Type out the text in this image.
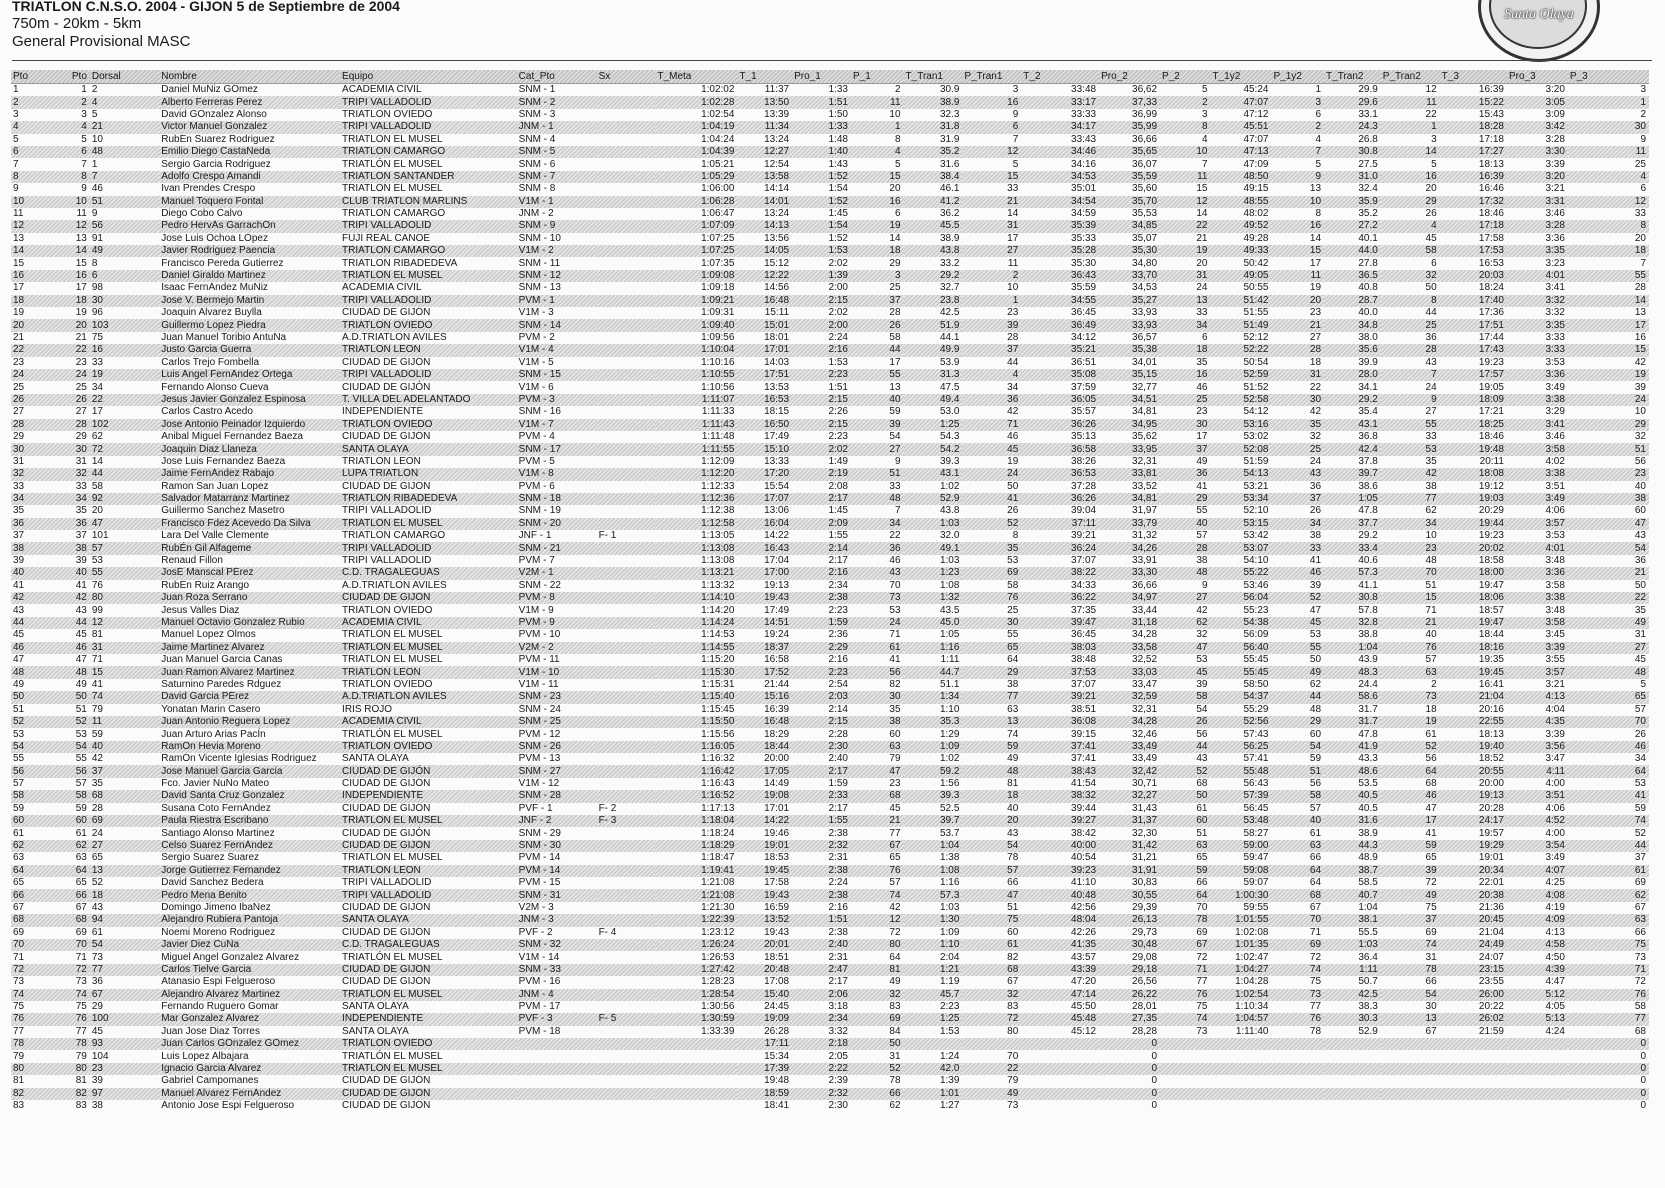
TRIATLON C.N.S.O. 2004 - GIJON 5 de Septiembre de 2004
750m - 20km - 5km
General Provisional MASC
Santa Olaya
Pto	Pto	Dorsal	Nombre	Equipo	Cat_Pto	Sx	T_Meta	T_1	Pro_1	P_1	T_Tran1	P_Tran1	T_2	Pro_2	P_2	T_1y2	P_1y2	T_Tran2	P_Tran2	T_3	Pro_3	P_3
1	1	2	Daniel MuÑiz GÓmez	ACADEMIA CIVIL	SNM - 1		1:02:02	11:37	1:33	2	30.9	3	33:48	36,62	5	45:24	1	29.9	12	16:39	3:20	3
2	2	4	Alberto Ferreras Perez	TRIPI VALLADOLID	SNM - 2		1:02:28	13:50	1:51	11	38.9	16	33:17	37,33	2	47:07	3	29.6	11	15:22	3:05	1
3	3	5	David GÓnzalez Alonso	TRIATLON OVIEDO	SNM - 3		1:02:54	13:39	1:50	10	32.3	9	33:33	36,99	3	47:12	6	33.1	22	15:43	3:09	2
4	4	21	Victor Manuel Gonzalez	TRIPI VALLADOLID	JNM - 1		1:04:19	11:34	1:33	1	31.8	6	34:17	35,99	8	45:51	2	24.3	1	18:28	3:42	30
5	5	10	RubÉn Suarez Rodriguez	TRIATLÓN EL MUSEL	SNM - 4		1:04:24	13:24	1:48	8	31.9	7	33:43	36,66	4	47:07	4	26.8	3	17:18	3:28	9
6	6	48	Emilio Diego CastaÑeda	TRIATLON CAMARGO	SNM - 5		1:04:39	12:27	1:40	4	35.2	12	34:46	35,65	10	47:13	7	30.8	14	17:27	3:30	11
7	7	1	Sergio Garcia Rodriguez	TRIATLÓN EL MUSEL	SNM - 6		1:05:21	12:54	1:43	5	31.6	5	34:16	36,07	7	47:09	5	27.5	5	18:13	3:39	25
8	8	7	Adolfo Crespo Amandi	TRIATLON SANTANDER	SNM - 7		1:05:29	13:58	1:52	15	38.4	15	34:53	35,59	11	48:50	9	31.0	16	16:39	3:20	4
9	9	46	Ivan Prendes Crespo	TRIATLÓN EL MUSEL	SNM - 8		1:06:00	14:14	1:54	20	46.1	33	35:01	35,60	15	49:15	13	32.4	20	16:46	3:21	6
10	10	51	Manuel Toquero Fontal	CLUB TRIATLON MARLINS	V1M - 1		1:06:28	14:01	1:52	16	41.2	21	34:54	35,70	12	48:55	10	35.9	29	17:32	3:31	12
11	11	9	Diego Cobo Calvo	TRIATLON CAMARGO	JNM - 2		1:06:47	13:24	1:45	6	36.2	14	34:59	35,53	14	48:02	8	35.2	26	18:46	3:46	33
12	12	56	Pedro HervÁs GarrachÓn	TRIPI VALLADOLID	SNM - 9		1:07:09	14:13	1:54	19	45.5	31	35:39	34,85	22	49:52	16	27.2	4	17:18	3:28	8
13	13	91	Jose Luis Ochoa LÓpez	FUJI REAL CANOE	SNM - 10		1:07:25	13:56	1:52	14	38.9	17	35:33	35,07	21	49:28	14	40.1	45	17:58	3:36	20
14	14	49	Javier Rodriguez Paencia	TRIATLON CAMARGO	V1M - 2		1:07:25	14:05	1:53	18	43.8	27	35:28	35,30	19	49:33	15	44.0	58	17:53	3:35	18
15	15	8	Francisco Pereda Gutierrez	TRIATLON RIBADEDEVA	SNM - 11		1:07:35	15:12	2:02	29	33.2	11	35:30	34,80	20	50:42	17	27.8	6	16:53	3:23	7
16	16	6	Daniel Giraldo Martinez	TRIATLÓN EL MUSEL	SNM - 12		1:09:08	12:22	1:39	3	29.2	2	36:43	33,70	31	49:05	11	36.5	32	20:03	4:01	55
17	17	98	Isaac FernÁndez MuÑiz	ACADEMIA CIVIL	SNM - 13		1:09:18	14:56	2:00	25	32.7	10	35:59	34,53	24	50:55	19	40.8	50	18:24	3:41	28
18	18	30	Jose V. Bermejo Martin	TRIPI VALLADOLID	PVM - 1		1:09:21	16:48	2:15	37	23.8	1	34:55	35,27	13	51:42	20	28.7	8	17:40	3:32	14
19	19	96	Joaquin Alvarez Buylla	CIUDAD DE GIJÓN	V1M - 3		1:09:31	15:11	2:02	28	42.5	23	36:45	33,93	33	51:55	23	40.0	44	17:36	3:32	13
20	20	103	Guillermo Lopez Piedra	TRIATLON OVIEDO	SNM - 14		1:09:40	15:01	2:00	26	51.9	39	36:49	33,93	34	51:49	21	34.8	25	17:51	3:35	17
21	21	75	Juan Manuel Toribio AntuÑa	A.D.TRIATLON AVILES	PVM - 2		1:09:56	18:01	2:24	58	44.1	28	34:12	36,57	6	52:12	27	38.0	36	17:44	3:33	16
22	22	16	Justo Garcia Guerra	TRIATLON LEON	V1M - 4		1:10:04	17:01	2:16	44	49.9	37	35:21	35,38	18	52:22	28	35.6	28	17:43	3:33	15
23	23	33	Carlos Trejo Fombella	CIUDAD DE GIJÓN	V1M - 5		1:10:16	14:03	1:53	17	53.9	44	36:51	34,01	35	50:54	18	39.9	43	19:23	3:53	42
24	24	19	Luis Angel FernÁndez Ortega	TRIPI VALLADOLID	SNM - 15		1:10:55	17:51	2:23	55	31.3	4	35:08	35,15	16	52:59	31	28.0	7	17:57	3:36	19
25	25	34	Fernando Alonso Cueva	CIUDAD DE GIJÓN	V1M - 6		1:10:56	13:53	1:51	13	47.5	34	37:59	32,77	46	51:52	22	34.1	24	19:05	3:49	39
26	26	22	Jesus Javier Gonzalez Espinosa	T. VILLA DEL ADELANTADO	PVM - 3		1:11:07	16:53	2:15	40	49.4	36	36:05	34,51	25	52:58	30	29.2	9	18:09	3:38	24
27	27	17	Carlos Castro Acedo	INDEPENDIENTE	SNM - 16		1:11:33	18:15	2:26	59	53.0	42	35:57	34,81	23	54:12	42	35.4	27	17:21	3:29	10
28	28	102	Jose Antonio Peinador Izquierdo	TRIATLON OVIEDO	V1M - 7		1:11:43	16:50	2:15	39	1:25	71	36:26	34,95	30	53:16	35	43.1	55	18:25	3:41	29
29	29	62	Anibal Miguel Fernandez Baeza	CIUDAD DE GIJÓN	PVM - 4		1:11:48	17:49	2:23	54	54.3	46	35:13	35,62	17	53:02	32	36.8	33	18:46	3:46	32
30	30	72	Joaquin Diaz Llaneza	SANTA OLAYA	SNM - 17		1:11:55	15:10	2:02	27	54.2	45	36:58	33,95	37	52:08	25	42.4	53	19:48	3:58	51
31	31	14	Jose Luis Fernandez Baeza	TRIATLON LEON	PVM - 5		1:12:09	13:33	1:49	9	39.3	19	38:26	32,31	49	51:59	24	37.8	35	20:11	4:02	56
32	32	44	Jaime FernÁndez Rabajo	LUPA TRIATLÓN	V1M - 8		1:12:20	17:20	2:19	51	43.1	24	36:53	33,81	36	54:13	43	39.7	42	18:08	3:38	23
33	33	58	Ramon San Juan Lopez	CIUDAD DE GIJÓN	PVM - 6		1:12:33	15:54	2:08	33	1:02	50	37:28	33,52	41	53:21	36	38.6	38	19:12	3:51	40
34	34	92	Salvador Matarranz Martinez	TRIATLON RIBADEDEVA	SNM - 18		1:12:36	17:07	2:17	48	52.9	41	36:26	34,81	29	53:34	37	1:05	77	19:03	3:49	38
35	35	20	Guillermo Sanchez Masetro	TRIPI VALLADOLID	SNM - 19		1:12:38	13:06	1:45	7	43.8	26	39:04	31,97	55	52:10	26	47.8	62	20:29	4:06	60
36	36	47	Francisco Fdez Acevedo Da Silva	TRIATLÓN EL MUSEL	SNM - 20		1:12:58	16:04	2:09	34	1:03	52	37:11	33,79	40	53:15	34	37.7	34	19:44	3:57	47
37	37	101	Lara Del Valle Clemente	TRIATLON CAMARGO	JNF - 1	F- 1	1:13:05	14:22	1:55	22	32.0	8	39:21	31,32	57	53:42	38	29.2	10	19:23	3:53	43
38	38	57	RubÉn Gil Alfageme	TRIPI VALLADOLID	SNM - 21		1:13:08	16:43	2:14	36	49.1	35	36:24	34,26	28	53:07	33	33.4	23	20:02	4:01	54
39	39	53	Renaud Fillon	TRIPI VALLADOLID	PVM - 7		1:13:08	17:04	2:17	46	1:03	53	37:07	33,91	38	54:10	41	40.6	48	18:58	3:48	36
40	40	55	JosÉ Manscal PÉrez	C.D. TRAGALEGUAS	V2M - 1		1:13:21	17:00	2:16	43	1:23	69	38:22	33,30	48	55:22	46	57.3	70	18:00	3:36	21
41	41	76	RubÉn Ruiz Arango	A.D.TRIATLON AVILES	SNM - 22		1:13:32	19:13	2:34	70	1:08	58	34:33	36,66	9	53:46	39	41.1	51	19:47	3:58	50
42	42	80	Juan Roza Serrano	CIUDAD DE GIJÓN	PVM - 8		1:14:10	19:43	2:38	73	1:32	76	36:22	34,97	27	56:04	52	30.8	15	18:06	3:38	22
43	43	99	Jesus Valles Diaz	TRIATLON OVIEDO	V1M - 9		1:14:20	17:49	2:23	53	43.5	25	37:35	33,44	42	55:23	47	57.8	71	18:57	3:48	35
44	44	12	Manuel Octavio Gonzalez Rubio	ACADEMIA CIVIL	PVM - 9		1:14:24	14:51	1:59	24	45.0	30	39:47	31,18	62	54:38	45	32.8	21	19:47	3:58	49
45	45	81	Manuel Lopez Olmos	TRIATLÓN EL MUSEL	PVM - 10		1:14:53	19:24	2:36	71	1:05	55	36:45	34,28	32	56:09	53	38.8	40	18:44	3:45	31
46	46	31	Jaime Martinez Alvarez	TRIATLÓN EL MUSEL	V2M - 2		1:14:55	18:37	2:29	61	1:16	65	38:03	33,58	47	56:40	55	1:04	76	18:16	3:39	27
47	47	71	Juan Manuel Garcia Canas	TRIATLÓN EL MUSEL	PVM - 11		1:15:20	16:58	2:16	41	1:11	64	38:48	32,52	53	55:45	50	43.9	57	19:35	3:55	45
48	48	15	Juan Ramon Alvarez Martinez	TRIATLON LEON	V1M - 10		1:15:30	17:52	2:23	56	44.7	29	37:53	33,03	45	55:45	49	48.3	63	19:45	3:57	48
49	49	41	Saturnino Paredes Rdguez	TRIATLON OVIEDO	V1M - 11		1:15:31	21:44	2:54	82	51.1	38	37:07	33,47	39	58:50	62	24.4	2	16:41	3:21	5
50	50	74	David Garcia PÉrez	A.D.TRIATLON AVILES	SNM - 23		1:15:40	15:16	2:03	30	1:34	77	39:21	32,59	58	54:37	44	58.6	73	21:04	4:13	65
51	51	79	Yonatan Marin Casero	IRIS ROJO	SNM - 24		1:15:45	16:39	2:14	35	1:10	63	38:51	32,31	54	55:29	48	31.7	18	20:16	4:04	57
52	52	11	Juan Antonio Reguera Lopez	ACADEMIA CIVIL	SNM - 25		1:15:50	16:48	2:15	38	35.3	13	36:08	34,28	26	52:56	29	31.7	19	22:55	4:35	70
53	53	59	Juan Arturo Arias PacÍn	TRIATLÓN EL MUSEL	PVM - 12		1:15:56	18:29	2:28	60	1:29	74	39:15	32,46	56	57:43	60	47.8	61	18:13	3:39	26
54	54	40	RamÓn Hevia Moreno	TRIATLON OVIEDO	SNM - 26		1:16:05	18:44	2:30	63	1:09	59	37:41	33,49	44	56:25	54	41.9	52	19:40	3:56	46
55	55	42	RamÓn Vicente Iglesias Rodriguez	SANTA OLAYA	PVM - 13		1:16:32	20:00	2:40	79	1:02	49	37:41	33,49	43	57:41	59	43.3	56	18:52	3:47	34
56	56	37	Jose Manuel Garcia Garcia	CIUDAD DE GIJÓN	SNM - 27		1:16:42	17:05	2:17	47	59.2	48	38:43	32,42	52	55:48	51	48.6	64	20:55	4:11	64
57	57	35	Fco. Javier NuÑo Mateo	CIUDAD DE GIJÓN	V1M - 12		1:16:43	14:49	1:59	23	1:56	81	41:54	30,71	68	56:43	56	53.5	68	20:00	4:00	53
58	58	68	David Santa Cruz Gonzalez	INDEPENDIENTE	SNM - 28		1:16:52	19:08	2:33	68	39.3	18	38:32	32,27	50	57:39	58	40.5	46	19:13	3:51	41
59	59	28	Susana Coto FernÁndez	CIUDAD DE GIJÓN	PVF - 1	F- 2	1:17:13	17:01	2:17	45	52.5	40	39:44	31,43	61	56:45	57	40.5	47	20:28	4:06	59
60	60	69	Paula Riestra Escribano	TRIATLÓN EL MUSEL	JNF - 2	F- 3	1:18:04	14:22	1:55	21	39.7	20	39:27	31,37	60	53:48	40	31.6	17	24:17	4:52	74
61	61	24	Santiago Alonso Martinez	CIUDAD DE GIJÓN	SNM - 29		1:18:24	19:46	2:38	77	53.7	43	38:42	32,30	51	58:27	61	38.9	41	19:57	4:00	52
62	62	27	Celso Suarez FernÁndez	CIUDAD DE GIJÓN	SNM - 30		1:18:29	19:01	2:32	67	1:04	54	40:00	31,42	63	59:00	63	44.3	59	19:29	3:54	44
63	63	65	Sergio Suarez Suarez	TRIATLÓN EL MUSEL	PVM - 14		1:18:47	18:53	2:31	65	1:38	78	40:54	31,21	65	59:47	66	48.9	65	19:01	3:49	37
64	64	13	Jorge Gutierrez Fernandez	TRIATLON LEON	PVM - 14		1:19:41	19:45	2:38	76	1:08	57	39:23	31,91	59	59:08	64	38.7	39	20:34	4:07	61
65	65	52	David Sanchez Bedera	TRIPI VALLADOLID	PVM - 15		1:21:08	17:58	2:24	57	1:16	66	41:10	30,83	66	59:07	64	58.5	72	22:01	4:25	69
66	66	18	Pedro Mena Benito	TRIPI VALLADOLID	SNM - 31		1:21:08	19:43	2:38	74	57.3	47	40:48	30,55	64	1:00:30	68	40.7	49	20:38	4:08	62
67	67	43	Domingo Jimeno IbaÑez	CIUDAD DE GIJÓN	V2M - 3		1:21:30	16:59	2:16	42	1:03	51	42:56	29,39	70	59:55	67	1:04	75	21:36	4:19	67
68	68	94	Alejandro Rubiera Pantoja	SANTA OLAYA	JNM - 3		1:22:39	13:52	1:51	12	1:30	75	48:04	26,13	78	1:01:55	70	38.1	37	20:45	4:09	63
69	69	61	Noemi Moreno Rodriguez	CIUDAD DE GIJÓN	PVF - 2	F- 4	1:23:12	19:43	2:38	72	1:09	60	42:26	29,73	69	1:02:08	71	55.5	69	21:04	4:13	66
70	70	54	Javier Diez CuÑa	C.D. TRAGALEGUAS	SNM - 32		1:26:24	20:01	2:40	80	1:10	61	41:35	30,48	67	1:01:35	69	1:03	74	24:49	4:58	75
71	71	73	Miguel Angel Gonzalez Alvarez	TRIATLÓN EL MUSEL	V1M - 14		1:26:53	18:51	2:31	64	2:04	82	43:57	29,08	72	1:02:47	72	36.4	31	24:07	4:50	73
72	72	77	Carlos Tielve Garcia	CIUDAD DE GIJÓN	SNM - 33		1:27:42	20:48	2:47	81	1:21	68	43:39	29,18	71	1:04:27	74	1:11	78	23:15	4:39	71
73	73	36	Atanasio Espi Felgueroso	CIUDAD DE GIJÓN	PVM - 16		1:28:23	17:08	2:17	49	1:19	67	47:20	26,56	77	1:04:28	75	50.7	66	23:55	4:47	72
74	74	67	Alejandro Alvarez Martinez	TRIATLÓN EL MUSEL	JNM - 4		1:28:54	15:40	2:06	32	45.7	32	47:14	26,22	76	1:02:54	73	42.5	54	26:00	5:12	76
75	75	29	Fernando Ruguero Gomar	SANTA OLAYA	PVM - 17		1:30:56	24:45	3:18	83	2:23	83	45:50	28,01	75	1:10:34	77	38.3	30	20:22	4:05	58
76	76	100	Mar Gonzalez Alvarez	INDEPENDIENTE	PVF - 3	F- 5	1:30:59	19:09	2:34	69	1:25	72	45:48	27,35	74	1:04:57	76	30.3	13	26:02	5:13	77
77	77	45	Juan Jose Diaz Torres	SANTA OLAYA	PVM - 18		1:33:39	26:28	3:32	84	1:53	80	45:12	28,28	73	1:11:40	78	52.9	67	21:59	4:24	68
78	78	93	Juan Carlos GÓnzalez GÓmez	TRIATLON OVIEDO				17:11	2:18	50				0								0
79	79	104	Luis Lopez Albajara	TRIATLÓN EL MUSEL				15:34	2:05	31	1:24	70		0								0
80	80	23	Ignacio Garcia Alvarez	TRIATLÓN EL MUSEL				17:39	2:22	52	42.0	22		0								0
81	81	39	Gabriel Campomanes	CIUDAD DE GIJÓN				19:48	2:39	78	1:39	79		0								0
82	82	97	Manuel Alvarez FernÁndez	CIUDAD DE GIJÓN				18:59	2:32	66	1:01	49		0								0
83	83	38	Antonio Jose Espi Felgueroso	CIUDAD DE GIJÓN				18:41	2:30	62	1:27	73		0								0
